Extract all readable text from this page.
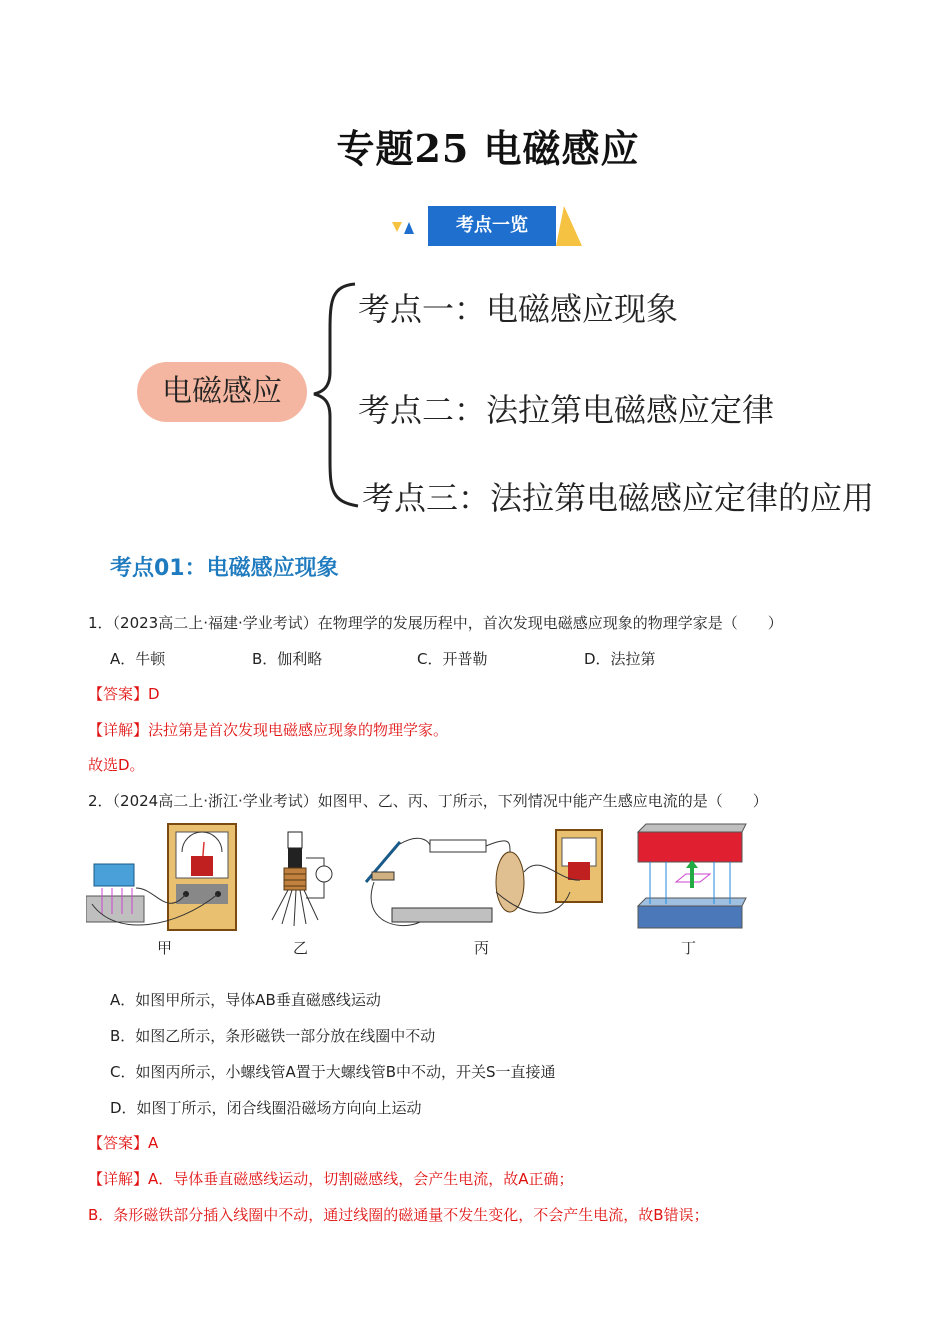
专题25 电磁感应
考点一览
电磁感应
考点一：电磁感应现象
考点二：法拉第电磁感应定律
考点三：法拉第电磁感应定律的应用
考点01：电磁感应现象
1．（2023高二上·福建·学业考试）在物理学的发展历程中，首次发现电磁感应现象的物理学家是（　　）
A．牛顿	B．伽利略	C．开普勒	D．法拉第
【答案】D
【详解】法拉第是首次发现电磁感应现象的物理学家。
故选D。
2．（2024高二上·浙江·学业考试）如图甲、乙、丙、丁所示，下列情况中能产生感应电流的是（　　）
甲	乙	丙	丁
A．如图甲所示，导体AB垂直磁感线运动
B．如图乙所示，条形磁铁一部分放在线圈中不动
C．如图丙所示，小螺线管A置于大螺线管B中不动，开关S一直接通
D．如图丁所示，闭合线圈沿磁场方向向上运动
【答案】A
【详解】A．导体垂直磁感线运动，切割磁感线，会产生电流，故A正确；
B．条形磁铁部分插入线圈中不动，通过线圈的磁通量不发生变化，不会产生电流，故B错误；
